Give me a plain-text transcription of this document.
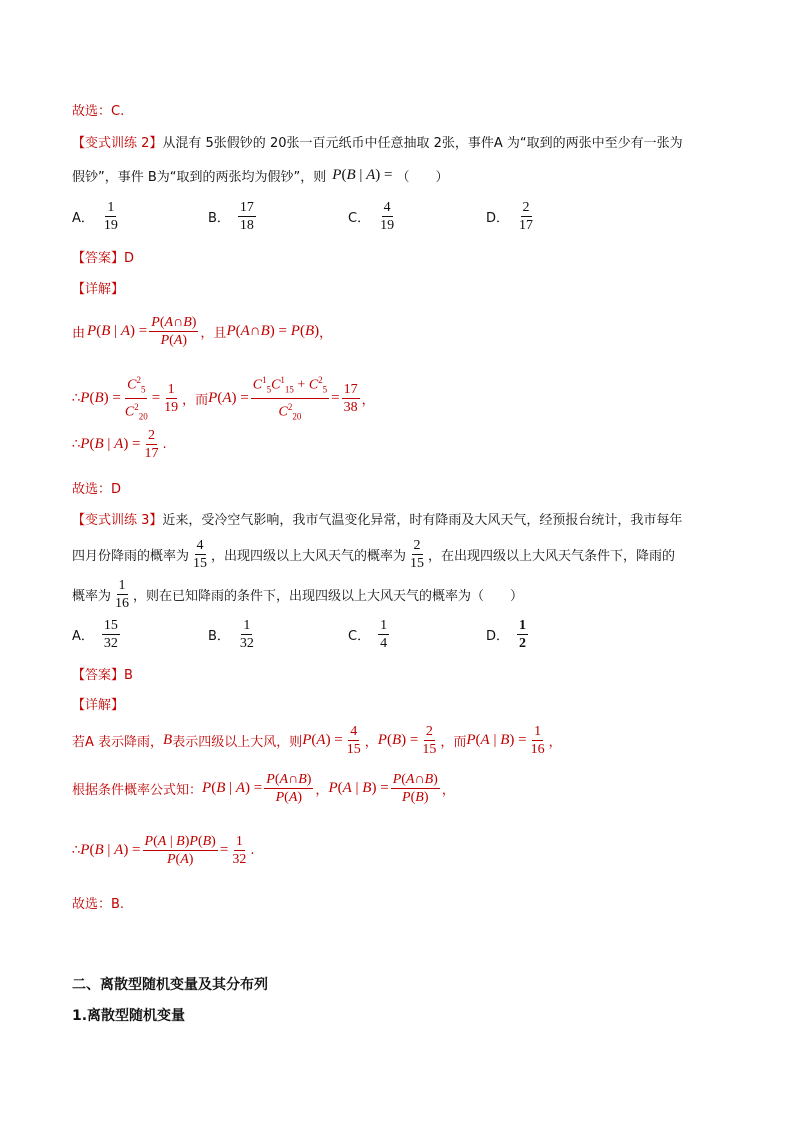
故选：C.
【变式训练 2】 从混有 5张假钞的 20张一百元纸币中任意抽取 2张，事件A 为“取到的两张中至少有一张为
假钞”，事件 B为“取到的两张均为假钞”，则 P(B | A) = （　　）
A． $\frac{1}{19}$	B． $\frac{17}{18}$	C． $\frac{4}{19}$	D． $\frac{2}{17}$
【答案】D
【详解】
由 P(B | $A) = \frac{P(A\cap B)}{P(A)}$ ，且 P(A∩B) = P(B) ，
∴ $P(B) = \frac{C^2_5}{C^2_{20}} = \frac{1}{19}$ ，而 $P(A) = \frac{C^1_5C^1_{15} + C^2_5}{C^2_{20}} = \frac{17}{38}$ ，
∴ P(B | $A) = \frac{2}{17}$ .
故选：D
【变式训练 3】 近来，受冷空气影响，我市气温变化异常，时有降雨及大风天气，经预报台统计，我市每年
四月份降雨的概率为 $\frac{4}{15}$ ，出现四级以上大风天气的概率为 $\frac{2}{15}$ ，在出现四级以上大风天气条件下，降雨的
概率为 $\frac{1}{16}$ ，则在已知降雨的条件下，出现四级以上大风天气的概率为（　　）
A． $\frac{15}{32}$	B． $\frac{1}{32}$	C． $\frac{1}{4}$	D． $\frac{1}{2}$
【答案】B
【详解】
若A 表示降雨， B 表示四级以上大风，则 $P(A) = \frac{4}{15}$ ， $P(B) = \frac{2}{15}$ ，而 P(A | $B) = \frac{1}{16}$ ，
根据条件概率公式知： P(B | $A) = \frac{P(A\cap B)}{P(A)}$ ， P(A | $B) = \frac{P(A\cap B)}{P(B)}$ ，
∴ P(B | $A) = \frac{P(A | B)P(B)}{P(A)} = \frac{1}{32}$ .
故选：B.
二、离散型随机变量及其分布列
1.离散型随机变量
